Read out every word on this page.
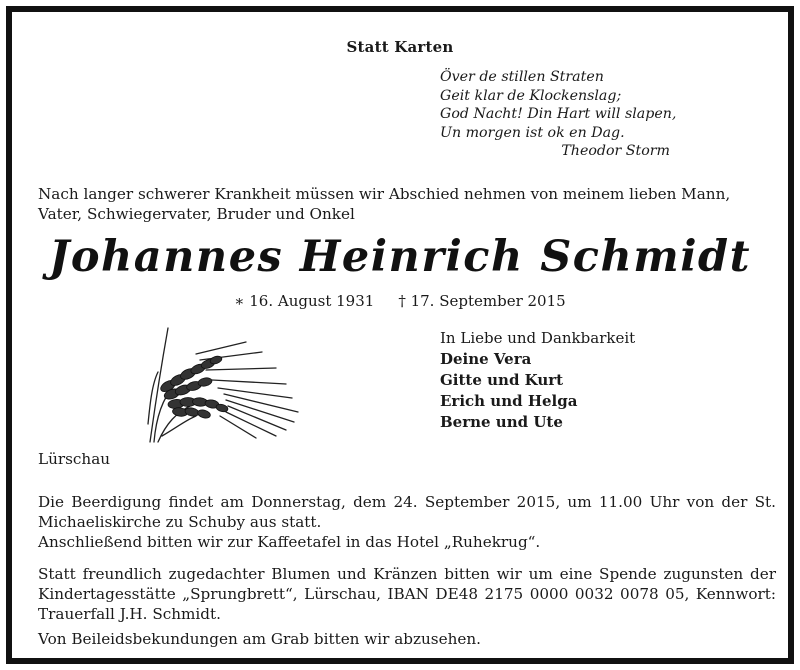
Statt Karten
Över de stillen Straten
Geit klar de Klockenslag;
God Nacht! Din Hart will slapen,
Un morgen ist ok en Dag.
Theodor Storm
Nach langer schwerer Krankheit müssen wir Abschied nehmen von meinem lieben Mann, Vater, Schwiegervater, Bruder und Onkel
Johannes Heinrich Schmidt
∗ 16. August 1931 † 17. September 2015
In Liebe und Dankbarkeit
Deine Vera
Gitte und Kurt
Erich und Helga
Berne und Ute
Lürschau
Die Beerdigung findet am Donnerstag, dem 24. September 2015, um 11.00 Uhr von der St. Michaeliskirche zu Schuby aus statt.
Anschließend bitten wir zur Kaffeetafel in das Hotel „Ruhekrug“.
Statt freundlich zugedachter Blumen und Kränzen bitten wir um eine Spende zugunsten der Kindertagesstätte „Sprungbrett“, Lürschau, IBAN DE48 2175 0000 0032 0078 05, Kennwort: Trauerfall J.H. Schmidt.
Von Beileidsbekundungen am Grab bitten wir abzusehen.
